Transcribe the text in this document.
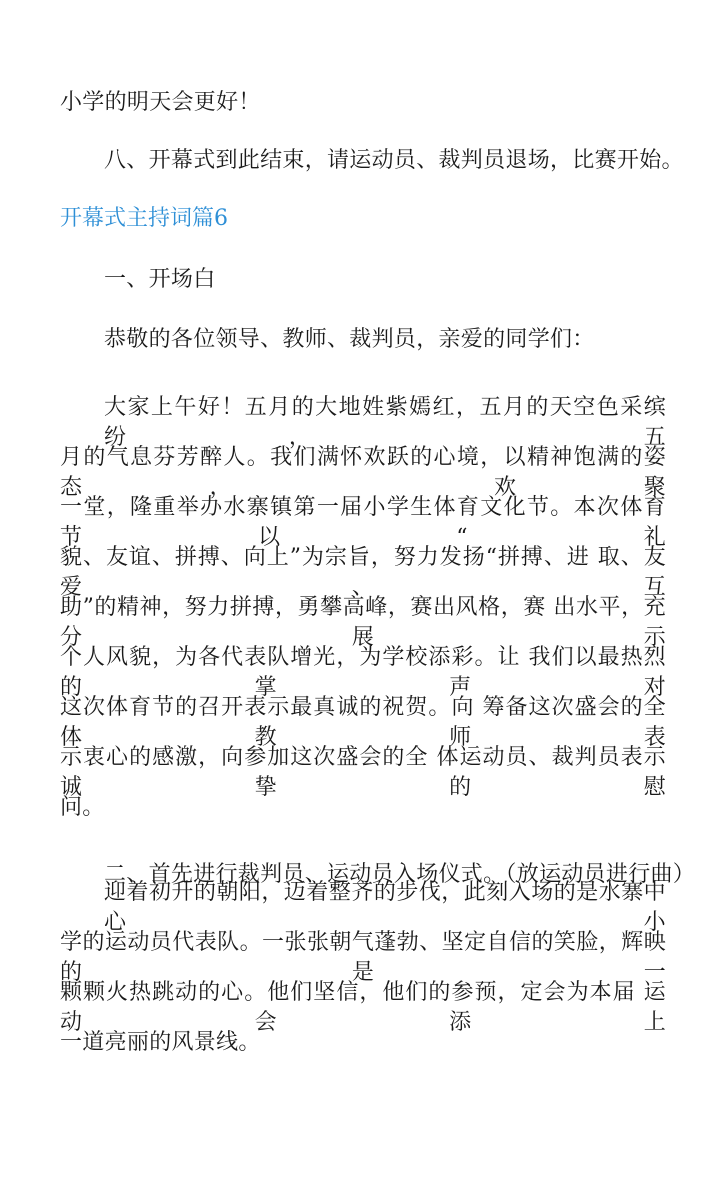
小学的明天会更好！
八、开幕式到此结束，请运动员、裁判员退场，比赛开始。
开幕式主持词篇6
一、开场白
恭敬的各位领导、教师、裁判员，亲爱的同学们：
大家上午好！五月的大地姓紫嫣红，五月的天空色采缤纷， 五
月的气息芬芳醉人。我们满怀欢跃的心境，以精神饱满的姿态， 欢聚
一堂，隆重举办水寨镇第一届小学生体育文化节。本次体育 节以“礼
貌、友谊、拼搏、向上”为宗旨，努力发扬“拼搏、进 取、友爱、互
助”的精神，努力拼搏，勇攀高峰，赛出风格，赛 出水平，充分展示
个人风貌，为各代表队增光，为学校添彩。让 我们以最热烈的掌声对
这次体育节的召开表示最真诚的祝贺。向 筹备这次盛会的全体教师表
示衷心的感激，向参加这次盛会的全 体运动员、裁判员表示诚挚的慰
问。
二、首先进行裁判员、运动员入场仪式。（放运动员进行曲）
迎着初升的朝阳，迈着整齐的步伐，此刻入场的是水寨中心 小
学的运动员代表队。一张张朝气蓬勃、坚定自信的笑脸，辉映 的是一
颗颗火热跳动的心。他们坚信，他们的参预，定会为本届 运动会添上
一道亮丽的风景线。
